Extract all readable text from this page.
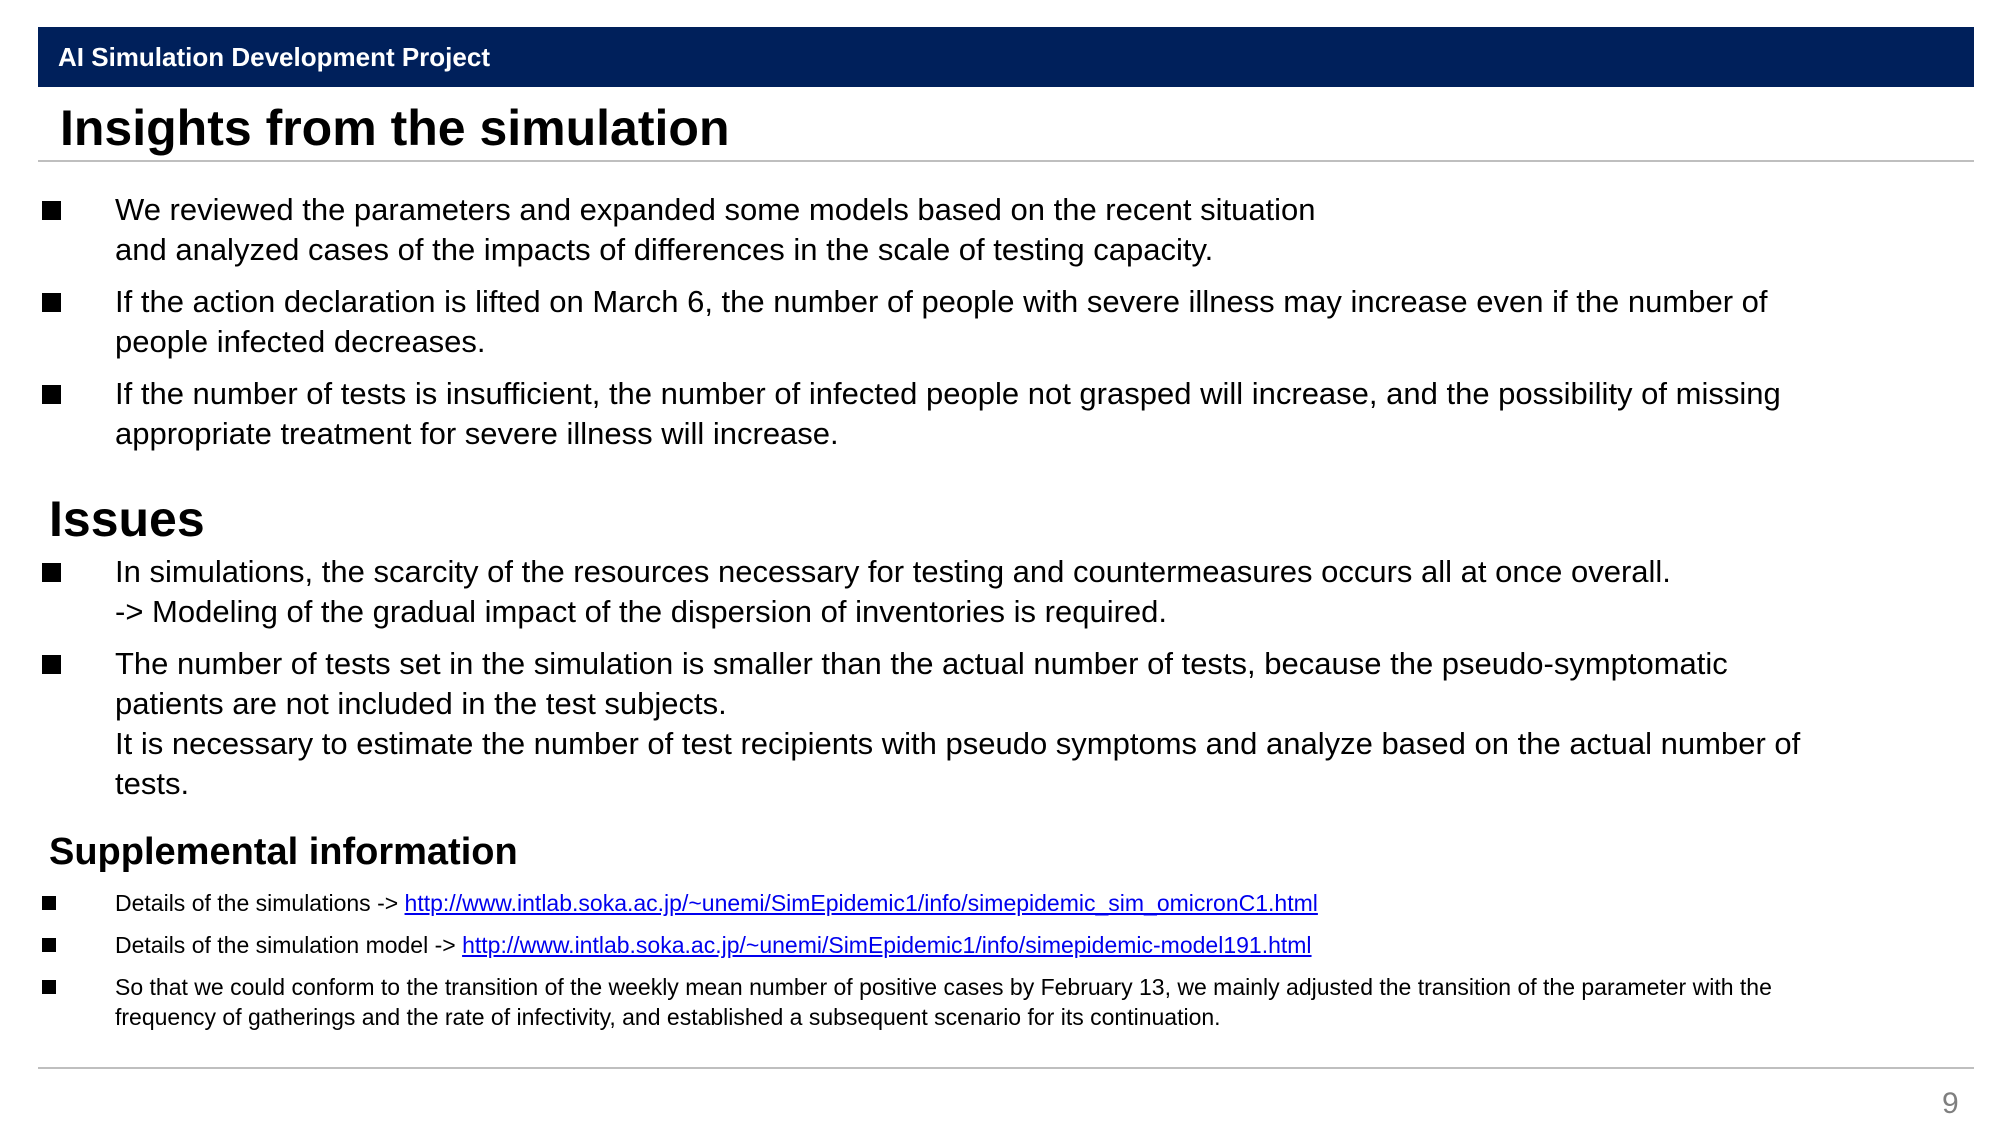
AI Simulation Development Project
Insights from the simulation
We reviewed the parameters and expanded some models based on the recent situation
and analyzed cases of the impacts of differences in the scale of testing capacity.
If the action declaration is lifted on March 6, the number of people with severe illness may increase even if the number of
people infected decreases.
If the number of tests is insufficient, the number of infected people not grasped will increase, and the possibility of missing
appropriate treatment for severe illness will increase.
Issues
In simulations, the scarcity of the resources necessary for testing and countermeasures occurs all at once overall.
-> Modeling of the gradual impact of the dispersion of inventories is required.
The number of tests set in the simulation is smaller than the actual number of tests, because the pseudo-symptomatic
patients are not included in the test subjects.
It is necessary to estimate the number of test recipients with pseudo symptoms and analyze based on the actual number of
tests.
Supplemental information
Details of the simulations -> http://www.intlab.soka.ac.jp/~unemi/SimEpidemic1/info/simepidemic_sim_omicronC1.html
Details of the simulation model -> http://www.intlab.soka.ac.jp/~unemi/SimEpidemic1/info/simepidemic-model191.html
So that we could conform to the transition of the weekly mean number of positive cases by February 13, we mainly adjusted the transition of the parameter with the
frequency of gatherings and the rate of infectivity, and established a subsequent scenario for its continuation.
9
